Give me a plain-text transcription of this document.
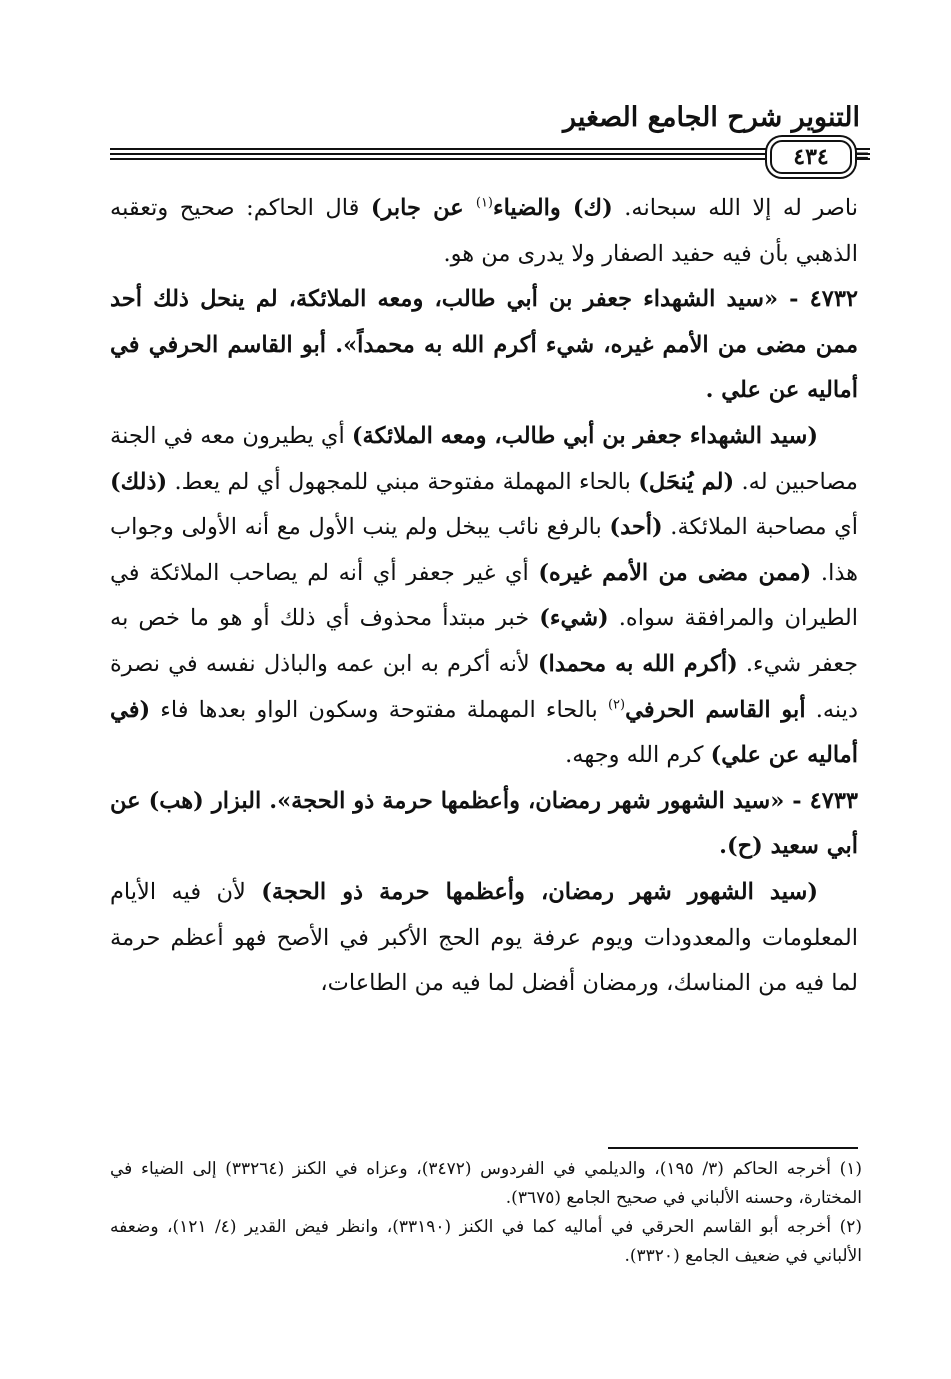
التنوير شرح الجامع الصغير
٤٣٤	=

ناصر له إلا الله سبحانه. (ك) والضياء$^{(١)}$ عن جابر) قال الحاكم: صحيح وتعقبه الذهبي بأن فيه حفيد الصفار ولا يدرى من هو.

٤٧٣٢ - «سيد الشهداء جعفر بن أبي طالب، ومعه الملائكة، لم ينحل ذلك أحد ممن مضى من الأمم غيره، شيء أكرم الله به محمداً». أبو القاسم الحرفي في أماليه عن علي .

(سيد الشهداء جعفر بن أبي طالب، ومعه الملائكة) أي يطيرون معه في الجنة مصاحبين له. (لم يُنحَل) بالحاء المهملة مفتوحة مبني للمجهول أي لم يعط. (ذلك) أي مصاحبة الملائكة. (أحد) بالرفع نائب يبخل ولم ينب الأول مع أنه الأولى وجواب هذا. (ممن مضى من الأمم غيره) أي غير جعفر أي أنه لم يصاحب الملائكة في الطيران والمرافقة سواه. (شيء) خبر مبتدأ محذوف أي ذلك أو هو ما خص به جعفر شيء. (أكرم الله به محمدا) لأنه أكرم به ابن عمه والباذل نفسه في نصرة دينه. أبو القاسم الحرفي$^{(٢)}$ بالحاء المهملة مفتوحة وسكون الواو بعدها فاء (في أماليه عن علي) كرم الله وجهه.

٤٧٣٣ - «سيد الشهور شهر رمضان، وأعظمها حرمة ذو الحجة». البزار (هب) عن أبي سعيد (ح).

(سيد الشهور شهر رمضان، وأعظمها حرمة ذو الحجة) لأن فيه الأيام المعلومات والمعدودات ويوم عرفة يوم الحج الأكبر في الأصح فهو أعظم حرمة لما فيه من المناسك، ورمضان أفضل لما فيه من الطاعات،

(١) أخرجه الحاكم (٣/ ١٩٥)، والديلمي في الفردوس (٣٤٧٢)، وعزاه في الكنز (٣٣٢٦٤) إلى الضياء في المختارة، وحسنه الألباني في صحيح الجامع (٣٦٧٥).

(٢) أخرجه أبو القاسم الحرقي في أماليه كما في الكنز (٣٣١٩٠)، وانظر فيض القدير (٤/ ١٢١)، وضعفه الألباني في ضعيف الجامع (٣٣٢٠).
